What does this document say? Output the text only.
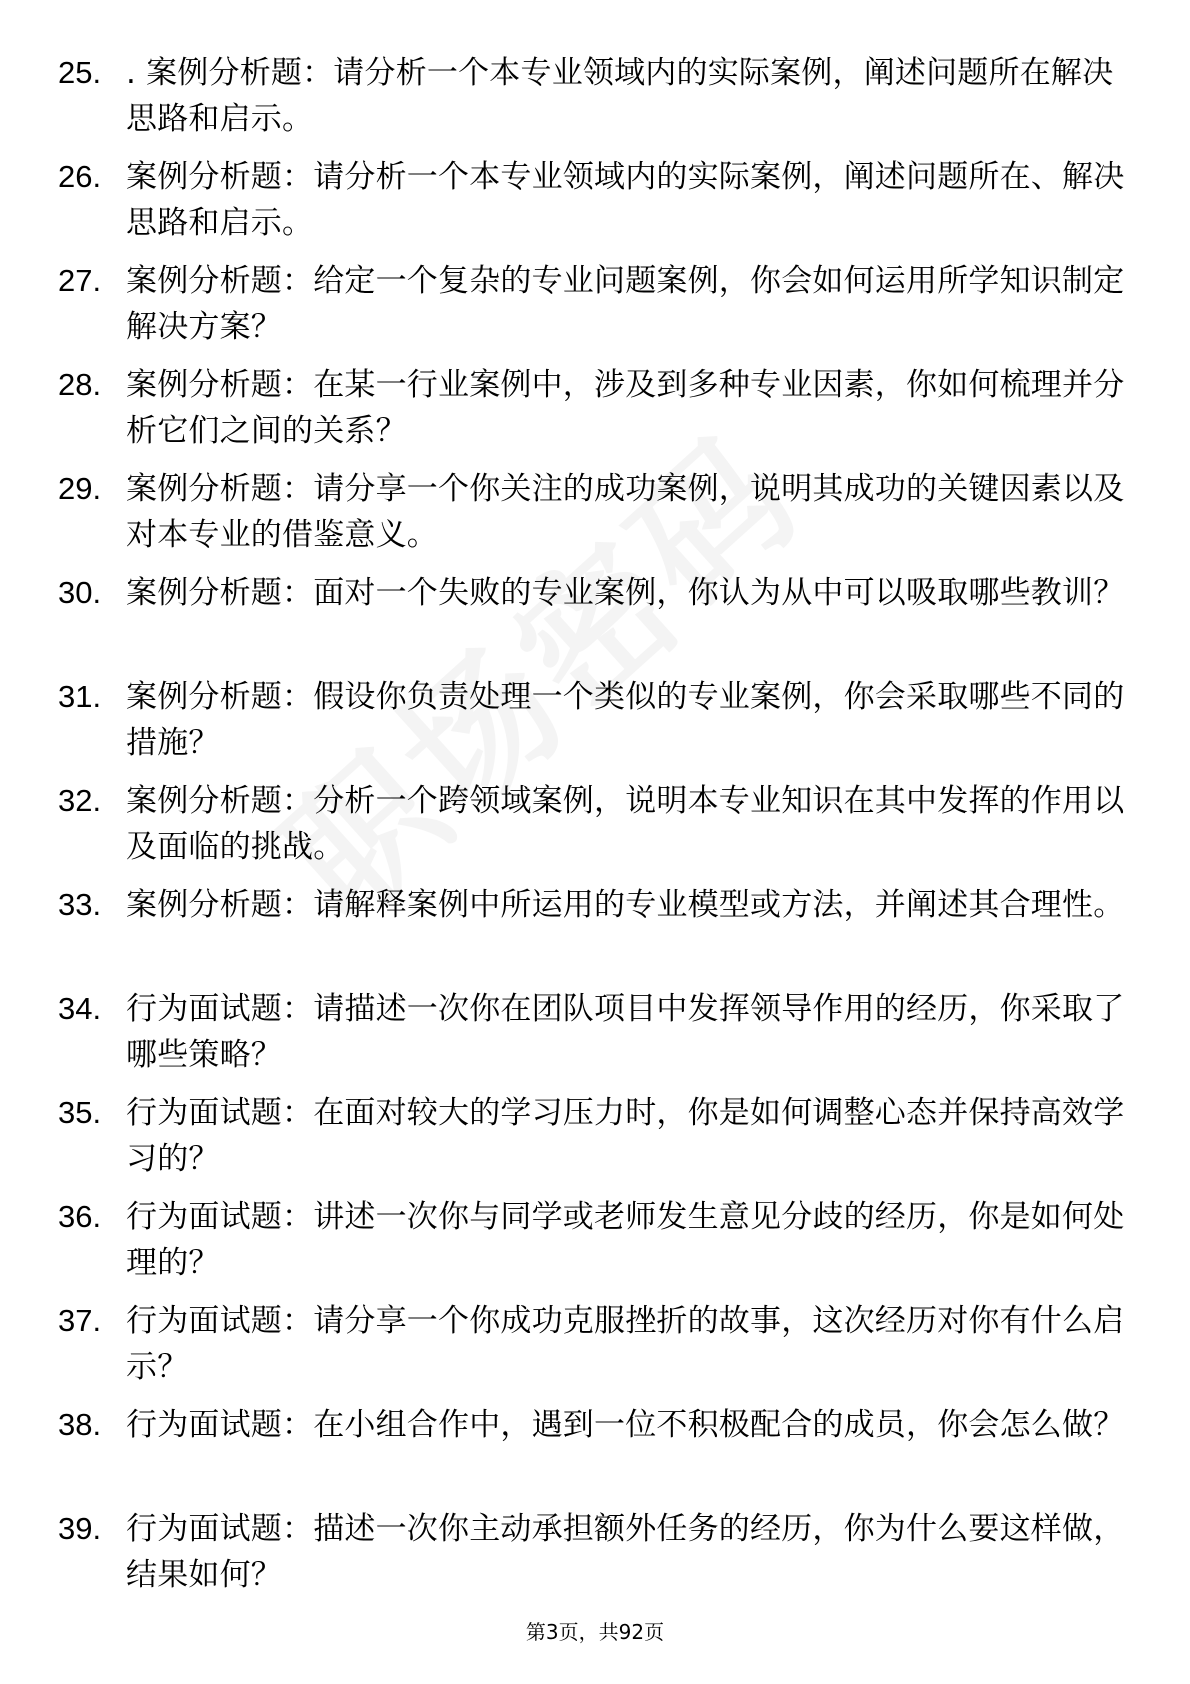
25. . 案例分析题：请分析一个本专业领域内的实际案例，阐述问题所在解决思路和启示。
26. 案例分析题：请分析一个本专业领域内的实际案例，阐述问题所在、解决思路和启示。
27. 案例分析题：给定一个复杂的专业问题案例，你会如何运用所学知识制定解决方案？
28. 案例分析题：在某一行业案例中，涉及到多种专业因素，你如何梳理并分析它们之间的关系？
29. 案例分析题：请分享一个你关注的成功案例，说明其成功的关键因素以及对本专业的借鉴意义。
30. 案例分析题：面对一个失败的专业案例，你认为从中可以吸取哪些教训？
31. 案例分析题：假设你负责处理一个类似的专业案例，你会采取哪些不同的措施？
32. 案例分析题：分析一个跨领域案例，说明本专业知识在其中发挥的作用以及面临的挑战。
33. 案例分析题：请解释案例中所运用的专业模型或方法，并阐述其合理性。
34. 行为面试题：请描述一次你在团队项目中发挥领导作用的经历，你采取了哪些策略？
35. 行为面试题：在面对较大的学习压力时，你是如何调整心态并保持高效学习的？
36. 行为面试题：讲述一次你与同学或老师发生意见分歧的经历，你是如何处理的？
37. 行为面试题：请分享一个你成功克服挫折的故事，这次经历对你有什么启示？
38. 行为面试题：在小组合作中，遇到一位不积极配合的成员，你会怎么做？
39. 行为面试题：描述一次你主动承担额外任务的经历，你为什么要这样做，结果如何？
第3页，共92页
